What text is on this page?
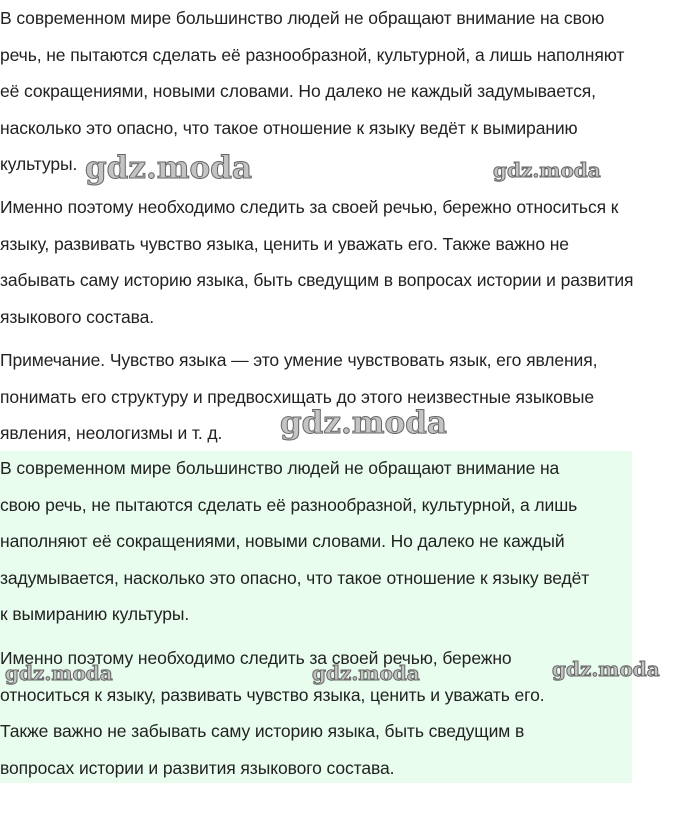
В современном мире большинство людей не обращают внимание на свою
речь, не пытаются сделать её разнообразной, культурной, а лишь наполняют
её сокращениями, новыми словами. Но далеко не каждый задумывается,
насколько это опасно, что такое отношение к языку ведёт к вымиранию
культуры.
Именно поэтому необходимо следить за своей речью, бережно относиться к
языку, развивать чувство языка, ценить и уважать его. Также важно не
забывать саму историю языка, быть сведущим в вопросах истории и развития
языкового состава.
Примечание. Чувство языка — это умение чувствовать язык, его явления,
понимать его структуру и предвосхищать до этого неизвестные языковые
явления, неологизмы и т. д.
В современном мире большинство людей не обращают внимание на
свою речь, не пытаются сделать её разнообразной, культурной, а лишь
наполняют её сокращениями, новыми словами. Но далеко не каждый
задумывается, насколько это опасно, что такое отношение к языку ведёт
к вымиранию культуры.
Именно поэтому необходимо следить за своей речью, бережно
относиться к языку, развивать чувство языка, ценить и уважать его.
Также важно не забывать саму историю языка, быть сведущим в
вопросах истории и развития языкового состава.
gdz.moda	gdz.moda
gdz.moda
gdz.moda	gdz.moda	gdz.moda
